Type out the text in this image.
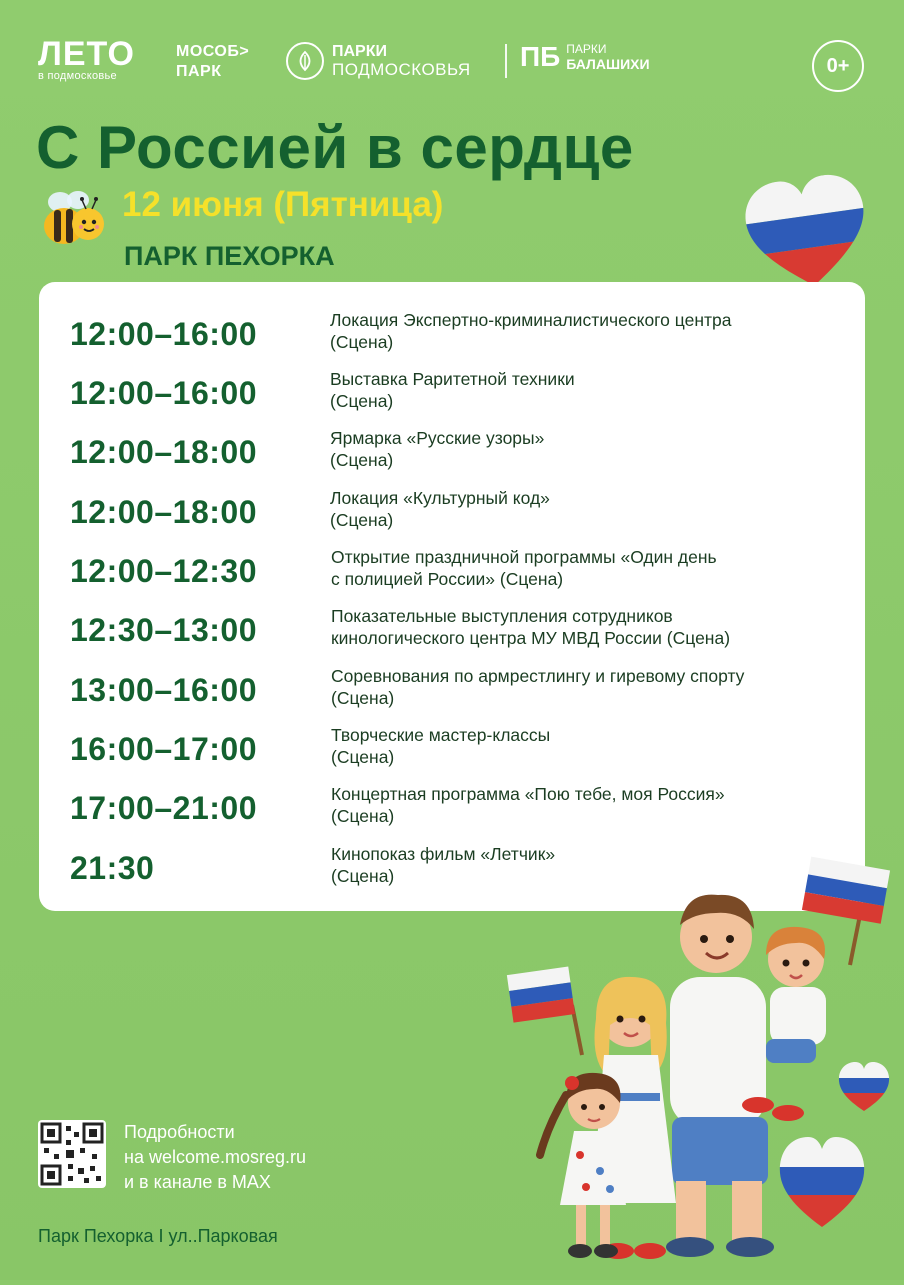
ЛЕТО
в подмосковье
МОСОБ>
ПАРК
ПАРКИ
ПОДМОСКОВЬЯ ПБ ПАРКИ
БАЛАШИХИ	0+
С Россией в сердце
12 июня (Пятница)
ПАРК ПЕХОРКА
12:00–16:00	Локация Экспертно-криминалистического центра
(Сцена)
12:00–16:00	Выставка Раритетной техники
(Сцена)
12:00–18:00	Ярмарка «Русские узоры»
(Сцена)
12:00–18:00	Локация «Культурный код»
(Сцена)
12:00–12:30	Открытие праздничной программы «Один день
с полицией России» (Сцена)
12:30–13:00	Показательные выступления сотрудников
кинологического центра МУ МВД России (Сцена)
13:00–16:00	Соревнования по армрестлингу и гиревому спорту
(Сцена)
16:00–17:00	Творческие мастер-классы
(Сцена)
17:00–21:00	Концертная программа «Пою тебе, моя Россия»
(Сцена)
21:30	Кинопоказ фильм «Летчик»
(Сцена)
Подробности
на welcome.mosreg.ru
и в канале в MAX
Парк Пехорка I ул..Парковая
